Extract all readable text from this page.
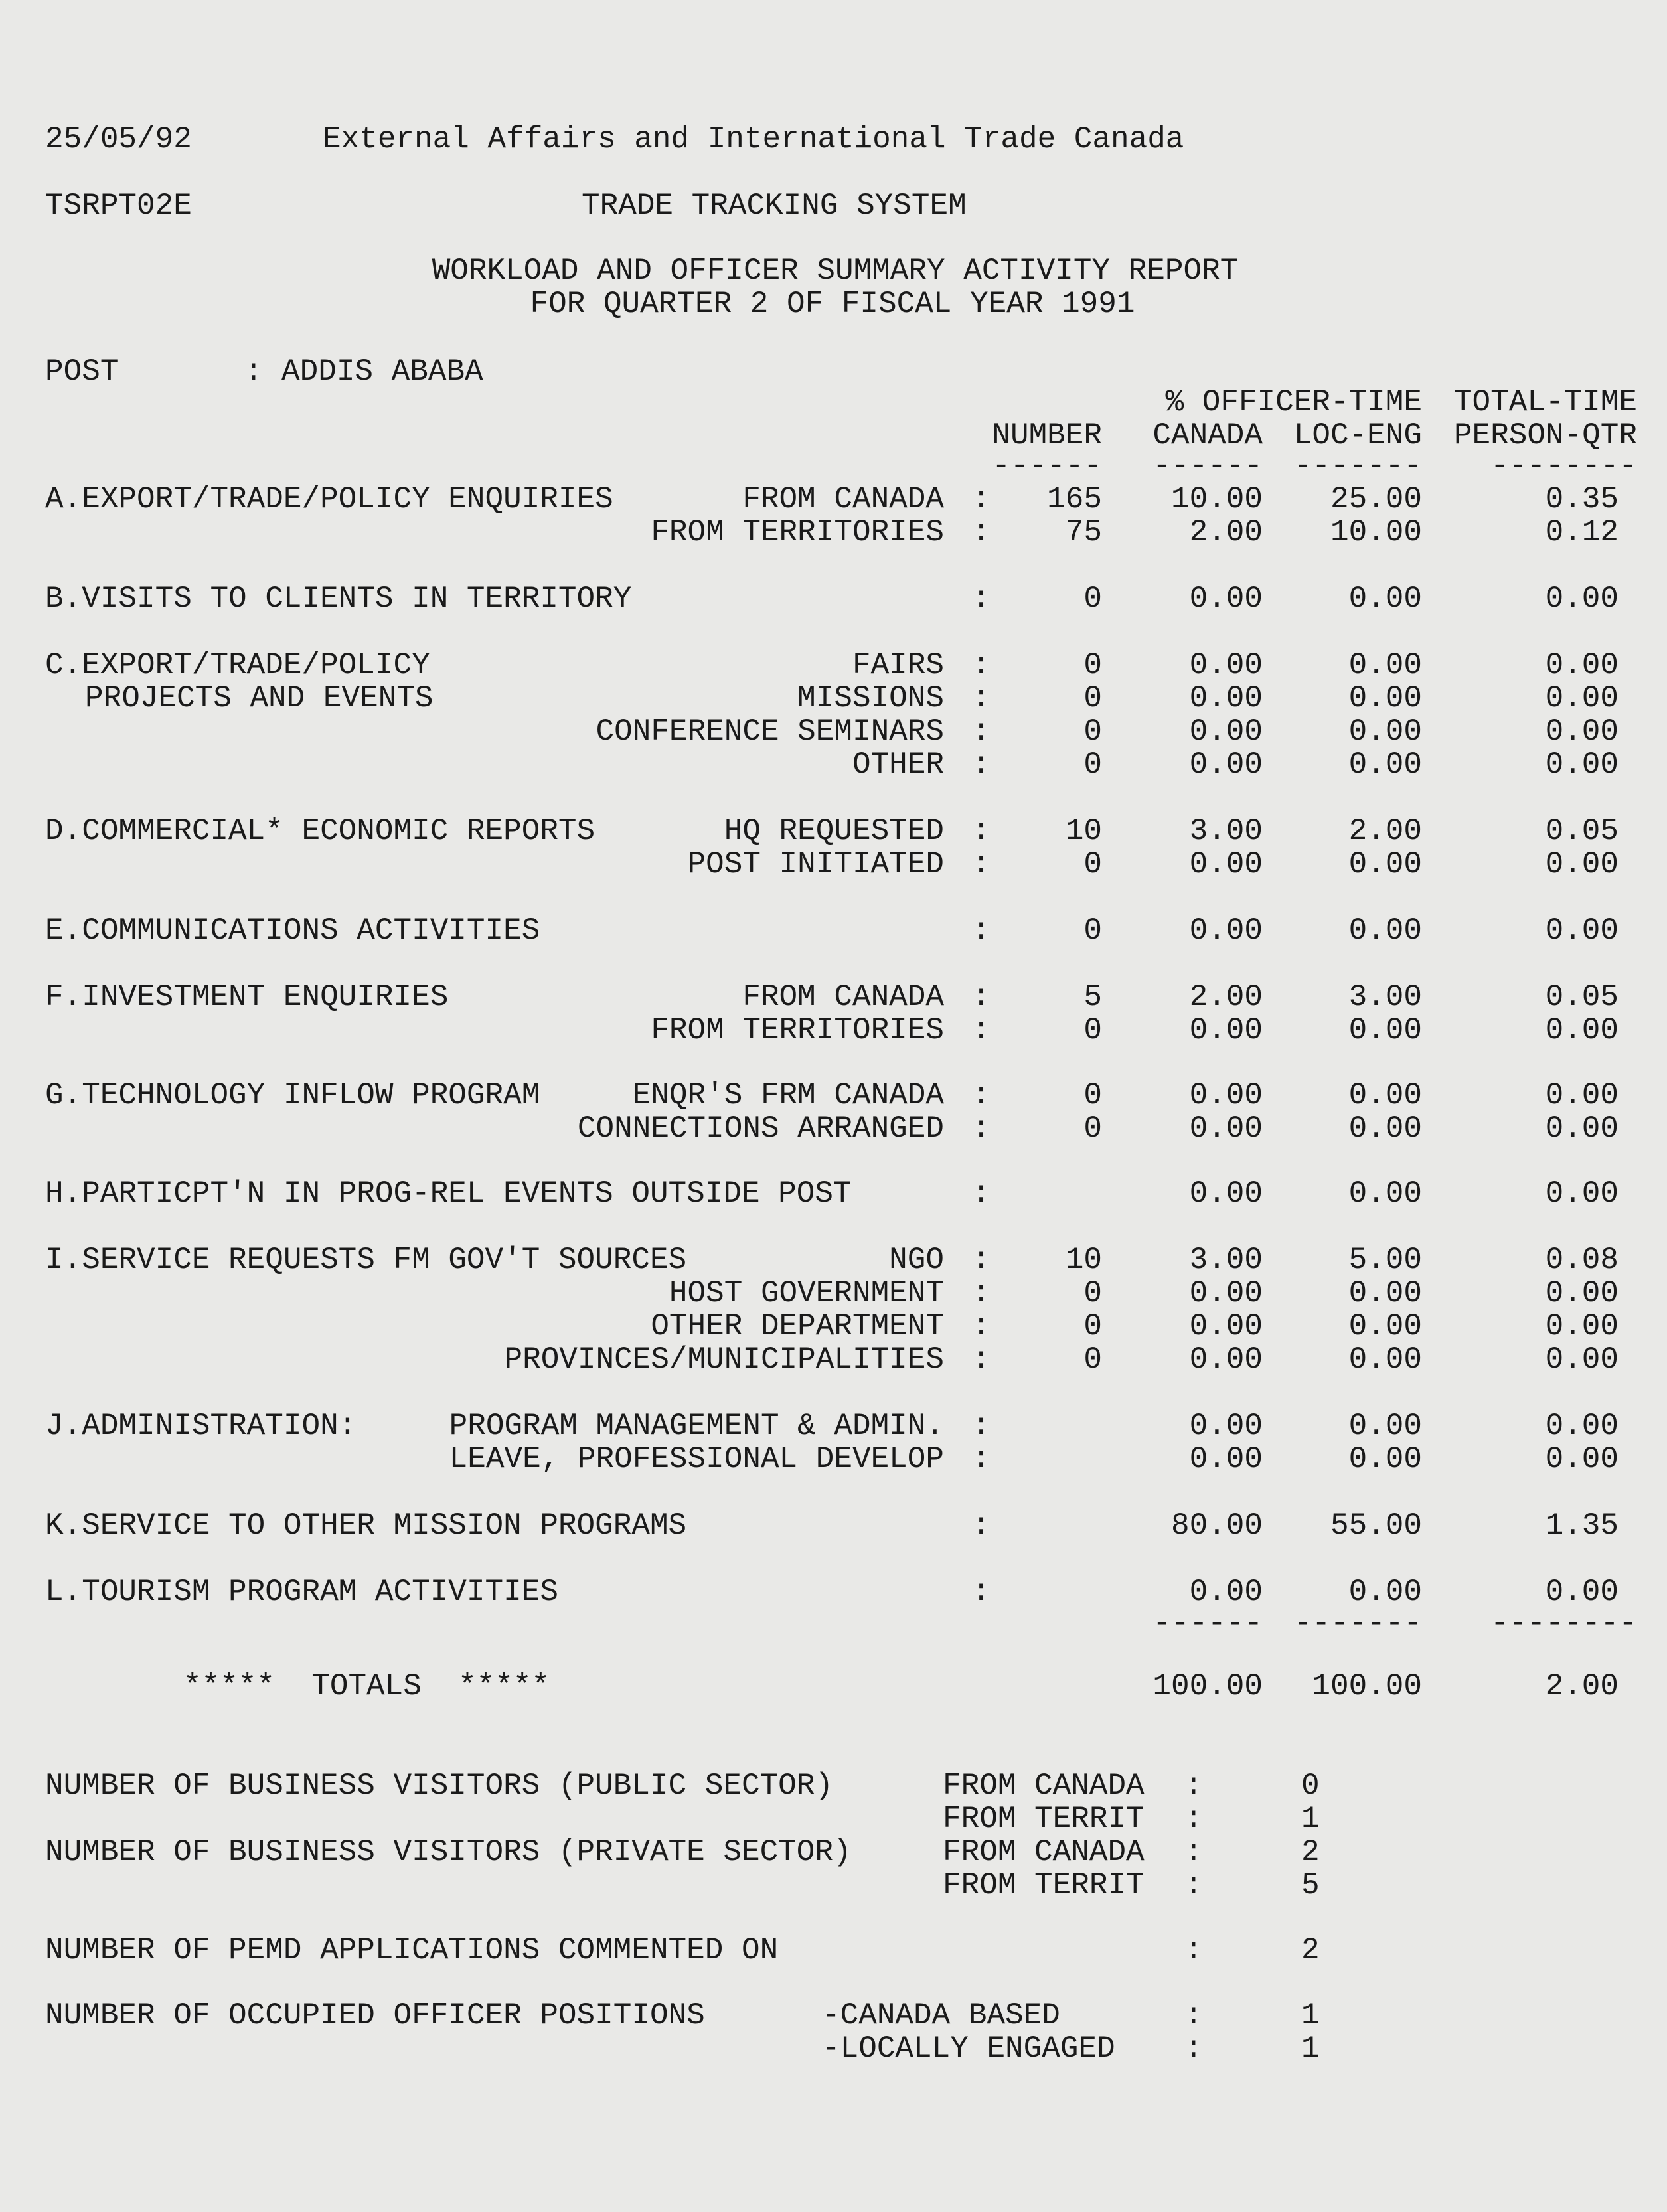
25/05/92	External Affairs and International Trade Canada
TSRPT02E	TRADE TRACKING SYSTEM
WORKLOAD AND OFFICER SUMMARY ACTIVITY REPORT
FOR QUARTER 2 OF FISCAL YEAR 1991
POST	: ADDIS ABABA
% OFFICER-TIME TOTAL-TIME
NUMBER CANADA LOC-ENG PERSON-QTR
------ ------ ------- --------
A.EXPORT/TRADE/POLICY ENQUIRIES	FROM CANADA : 165 10.00 25.00	0.35
FROM TERRITORIES : 75	2.00 10.00	0.12
B.VISITS TO CLIENTS IN TERRITORY	:	0	0.00	0.00	0.00
C.EXPORT/TRADE/POLICY	FAIRS :	0	0.00	0.00	0.00
PROJECTS AND EVENTS	MISSIONS :	0	0.00	0.00	0.00
CONFERENCE SEMINARS :	0	0.00	0.00	0.00
OTHER :	0	0.00	0.00	0.00
D.COMMERCIAL* ECONOMIC REPORTS	HQ REQUESTED : 10	3.00	2.00	0.05
POST INITIATED :	0	0.00	0.00	0.00
E.COMMUNICATIONS ACTIVITIES	:	0	0.00	0.00	0.00
F.INVESTMENT ENQUIRIES	FROM CANADA :	5	2.00	3.00	0.05
FROM TERRITORIES :	0	0.00	0.00	0.00
G.TECHNOLOGY INFLOW PROGRAM	ENQR'S FRM CANADA :	0	0.00	0.00	0.00
CONNECTIONS ARRANGED :	0	0.00	0.00	0.00
H.PARTICPT'N IN PROG-REL EVENTS OUTSIDE POST	:	0.00	0.00	0.00
I.SERVICE REQUESTS FM GOV'T SOURCES	NGO : 10	3.00	5.00	0.08
HOST GOVERNMENT :	0	0.00	0.00	0.00
OTHER DEPARTMENT :	0	0.00	0.00	0.00
PROVINCES/MUNICIPALITIES :	0	0.00	0.00	0.00
J.ADMINISTRATION:	PROGRAM MANAGEMENT & ADMIN. :	0.00	0.00	0.00
LEAVE, PROFESSIONAL DEVELOP :	0.00	0.00	0.00
K.SERVICE TO OTHER MISSION PROGRAMS	:	80.00 55.00	1.35
L.TOURISM PROGRAM ACTIVITIES	:	0.00	0.00	0.00
------ ------- --------
*****  TOTALS  *****	100.00 100.00	2.00
NUMBER OF BUSINESS VISITORS (PUBLIC SECTOR)	FROM CANADA :	0
FROM TERRIT :	1
NUMBER OF BUSINESS VISITORS (PRIVATE SECTOR)	FROM CANADA :	2
FROM TERRIT :	5
NUMBER OF PEMD APPLICATIONS COMMENTED ON	:	2
NUMBER OF OCCUPIED OFFICER POSITIONS	-CANADA BASED	:	1
-LOCALLY ENGAGED :	1
